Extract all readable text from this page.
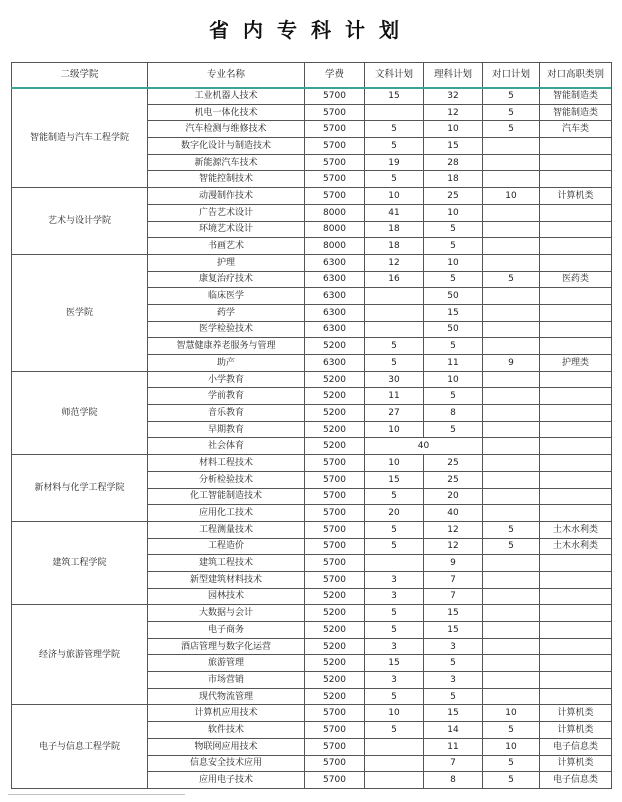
省内专科计划
二级学院	专业名称	学费	文科计划	理科计划	对口计划	对口高职类别
智能制造与汽车工程学院	工业机器人技术	5700	15	32	5	智能制造类
	机电一体化技术	5700		12	5	智能制造类
	汽车检测与维修技术	5700	5	10	5	汽车类
	数字化设计与制造技术	5700	5	15		
	新能源汽车技术	5700	19	28		
	智能控制技术	5700	5	18		
艺术与设计学院	动漫制作技术	5700	10	25	10	计算机类
	广告艺术设计	8000	41	10		
	环境艺术设计	8000	18	5		
	书画艺术	8000	18	5		
医学院	护理	6300	12	10		
	康复治疗技术	6300	16	5	5	医药类
	临床医学	6300		50		
	药学	6300		15		
	医学检验技术	6300		50		
	智慧健康养老服务与管理	5200	5	5		
	助产	6300	5	11	9	护理类
师范学院	小学教育	5200	30	10		
	学前教育	5200	11	5		
	音乐教育	5200	27	8		
	早期教育	5200	10	5		
	社会体育	5200	40			
新材料与化学工程学院	材料工程技术	5700	10	25		
	分析检验技术	5700	15	25		
	化工智能制造技术	5700	5	20		
	应用化工技术	5700	20	40		
建筑工程学院	工程测量技术	5700	5	12	5	土木水利类
	工程造价	5700	5	12	5	土木水利类
	建筑工程技术	5700		9		
	新型建筑材料技术	5700	3	7		
	园林技术	5200	3	7		
经济与旅游管理学院	大数据与会计	5200	5	15		
	电子商务	5200	5	15		
	酒店管理与数字化运营	5200	3	3		
	旅游管理	5200	15	5		
	市场营销	5200	3	3		
	现代物流管理	5200	5	5		
电子与信息工程学院	计算机应用技术	5700	10	15	10	计算机类
	软件技术	5700	5	14	5	计算机类
	物联网应用技术	5700		11	10	电子信息类
	信息安全技术应用	5700		7	5	计算机类
	应用电子技术	5700		8	5	电子信息类
──────────────────────────────────────────
